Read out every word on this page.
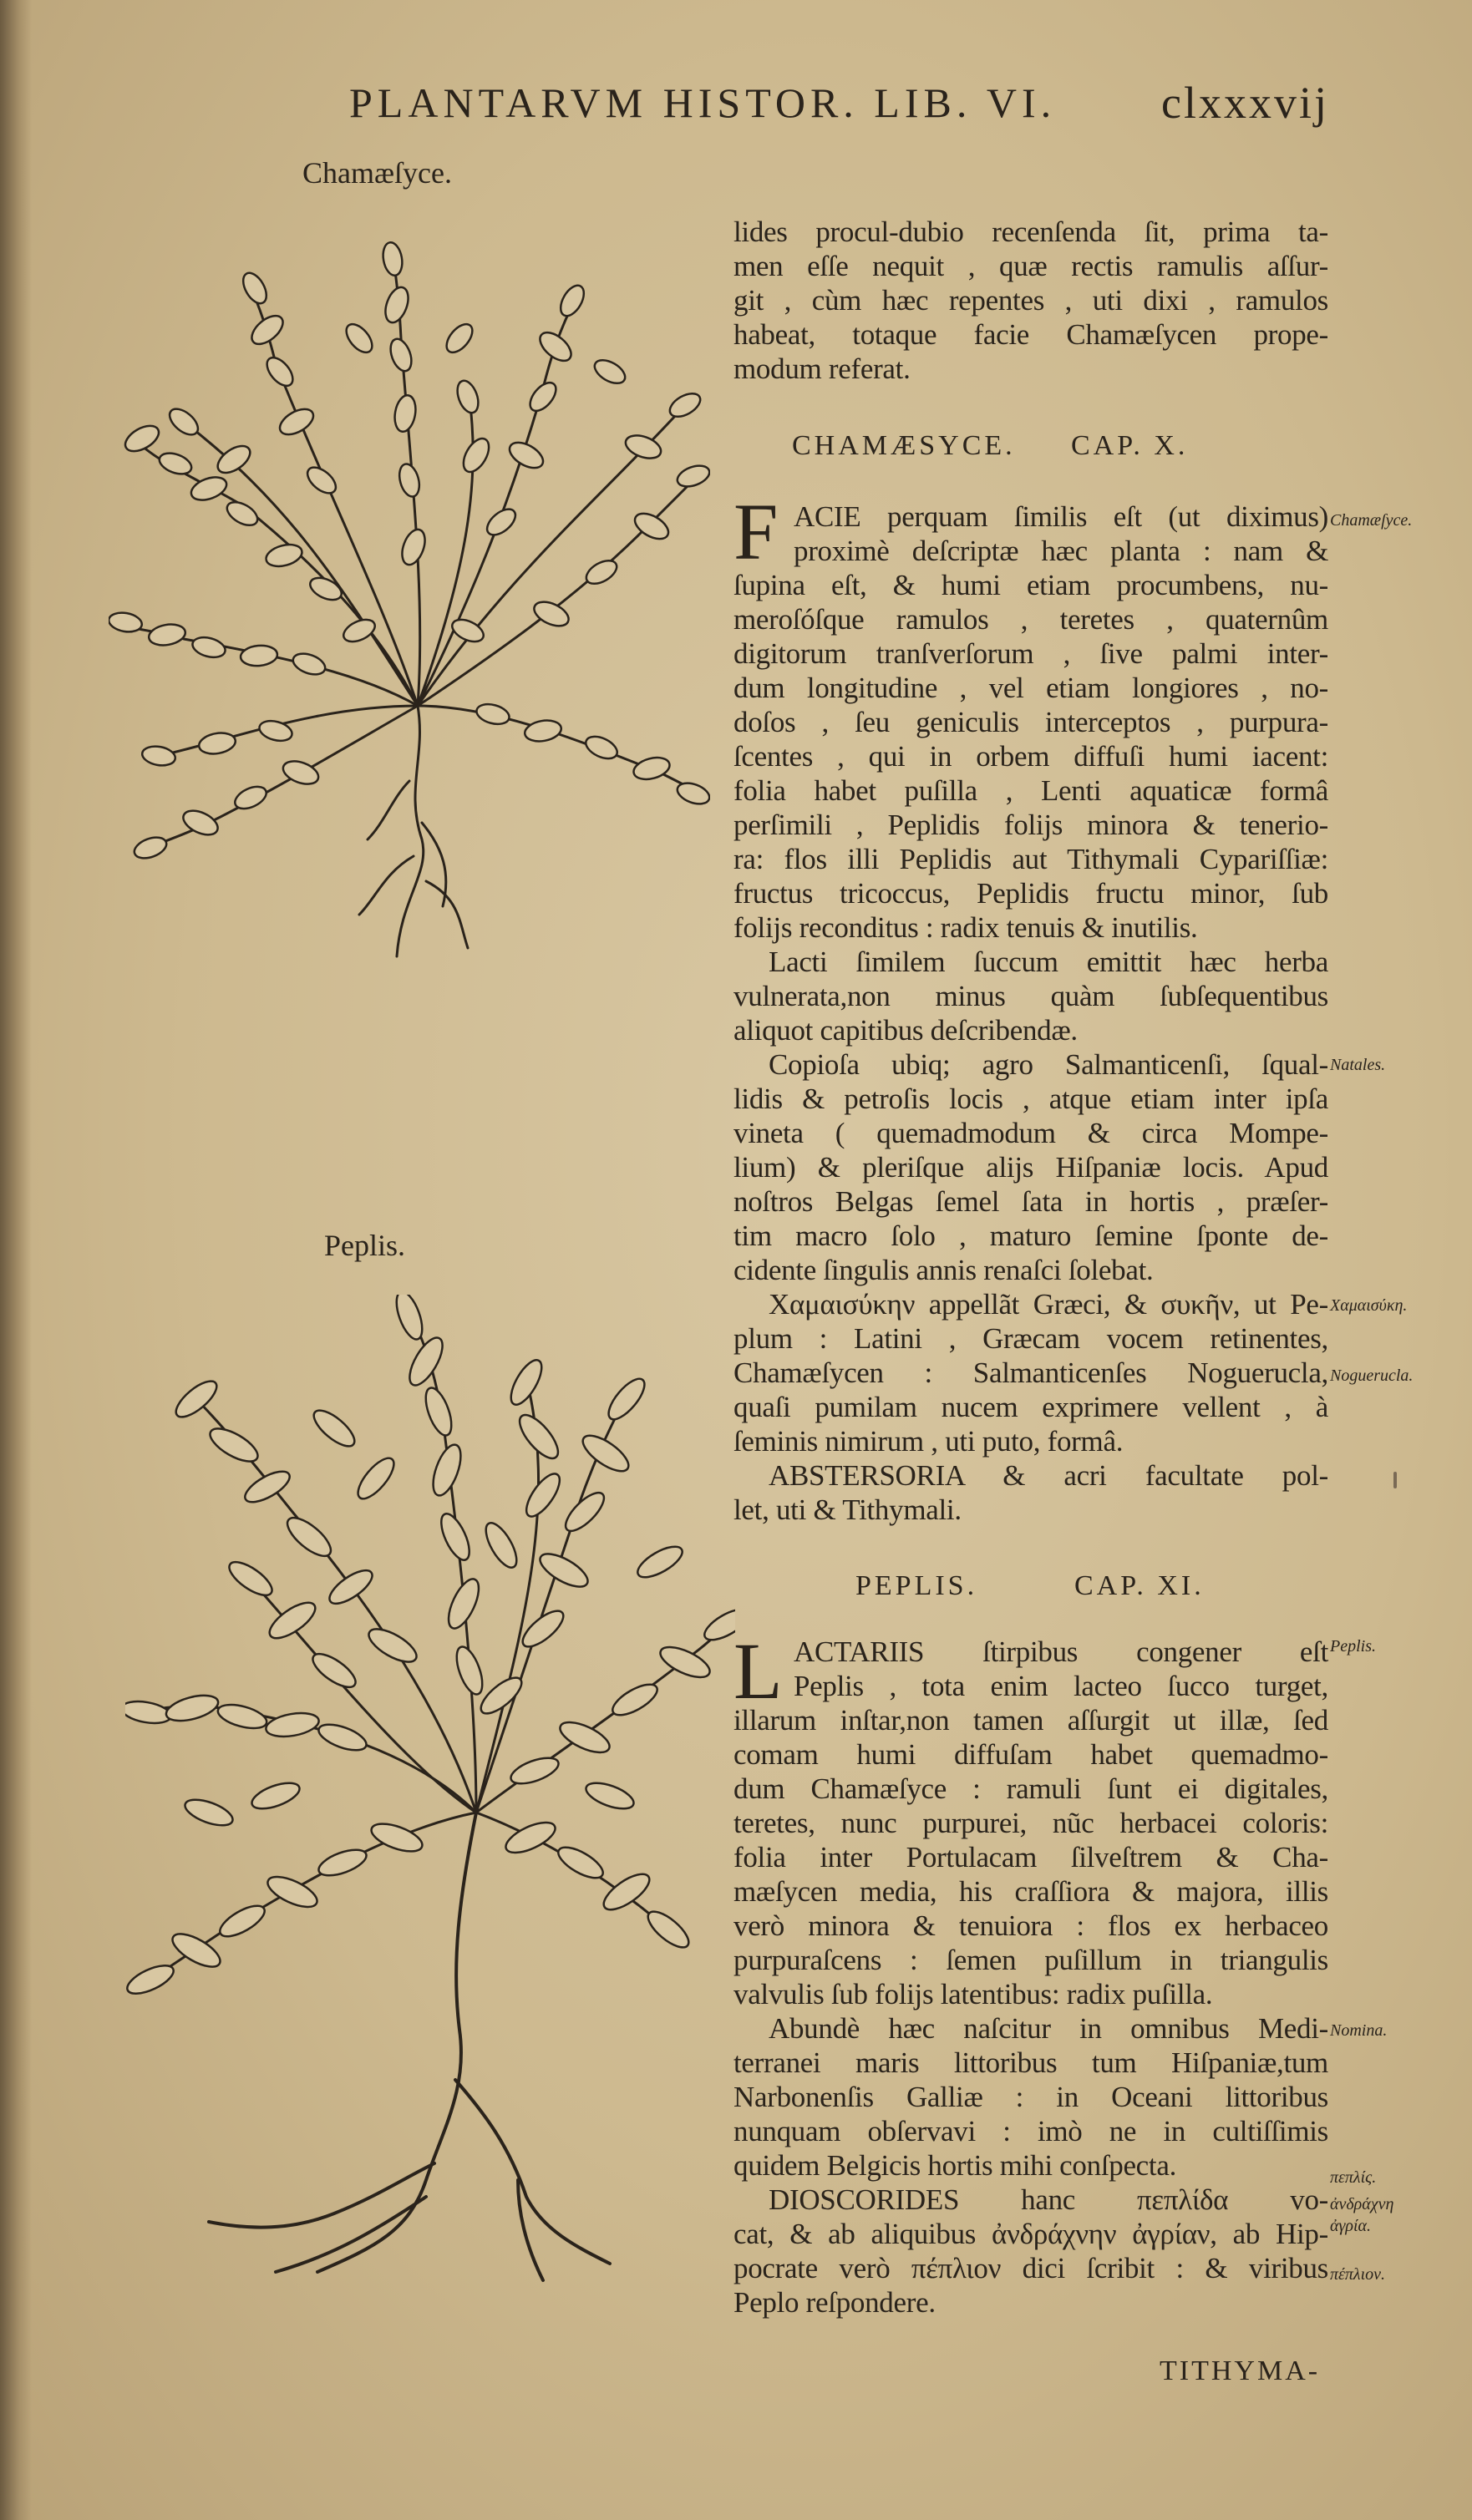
PLANTARVM HISTOR. LIB. VI. clxxxvij
Chamæſyce.
Peplis.
lides procul-dubio recenſenda ſit, prima ta-
men eſſe nequit , quæ rectis ramulis aſſur-
git , cùm hæc repentes , uti dixi , ramulos
habeat, totaque facie Chamæſycen prope-
modum referat.
CHAMÆSYCE. CAP. X.
F ACIE perquam ſimilis eſt (ut diximus)
proximè deſcriptæ hæc planta : nam &
ſupina eſt, & humi etiam procumbens, nu-
meroſóſque ramulos , teretes , quaternûm
digitorum tranſverſorum , ſive palmi inter-
dum longitudine , vel etiam longiores , no-
doſos , ſeu geniculis interceptos , purpura-
ſcentes , qui in orbem diffuſi humi iacent:
folia habet puſilla , Lenti aquaticæ formâ
perſimili , Peplidis folijs minora & tenerio-
ra: flos illi Peplidis aut Tithymali Cypariſſiæ:
fructus tricoccus, Peplidis fructu minor, ſub
folijs reconditus : radix tenuis & inutilis.
Lacti ſimilem ſuccum emittit hæc herba
vulnerata,non minus quàm ſubſequentibus
aliquot capitibus deſcribendæ.
Copioſa ubiq; agro Salmanticenſi, ſqual-
lidis & petroſis locis , atque etiam inter ipſa
vineta ( quemadmodum & circa Mompe-
lium) & pleriſque alijs Hiſpaniæ locis. Apud
noſtros Belgas ſemel ſata in hortis , præſer-
tim macro ſolo , maturo ſemine ſponte de-
cidente ſingulis annis renaſci ſolebat.
Χαμαισύκην appellãt Græci, & συκῆν, ut Pe-
plum : Latini , Græcam vocem retinentes,
Chamæſycen : Salmanticenſes Noguerucla,
quaſi pumilam nucem exprimere vellent , à
ſeminis nimirum , uti puto, formâ.
ABSTERSORIA & acri facultate pol-
let, uti & Tithymali.
PEPLIS.	CAP. XI.
L ACTARIIS ſtirpibus congener eſt
Peplis , tota enim lacteo ſucco turget,
illarum inſtar,non tamen aſſurgit ut illæ, ſed
comam humi diffuſam habet quemadmo-
dum Chamæſyce : ramuli ſunt ei digitales,
teretes, nunc purpurei, nũc herbacei coloris:
folia inter Portulacam ſilveſtrem & Cha-
mæſycen media, his craſſiora & majora, illis
verò minora & tenuiora : flos ex herbaceo
purpuraſcens : ſemen puſillum in triangulis
valvulis ſub folijs latentibus: radix puſilla.
Abundè hæc naſcitur in omnibus Medi-
terranei maris littoribus tum Hiſpaniæ,tum
Narbonenſis Galliæ : in Oceani littoribus
nunquam obſervavi : imò ne in cultiſſimis
quidem Belgicis hortis mihi conſpecta.
DIOSCORIDES hanc πεπλίδα vo-
cat, & ab aliquibus ἀνδράχνην ἀγρίαν, ab Hip-
pocrate verò πέπλιον dici ſcribit : & viribus
Peplo reſpondere.
Chamæſyce.
Natales.
Χαμαισύκη.
Noguerucla.
Peplis.
Nomina.
πεπλίς.
ἀνδράχνη
ἀγρία.
πέπλιον.
TITHYMA-
